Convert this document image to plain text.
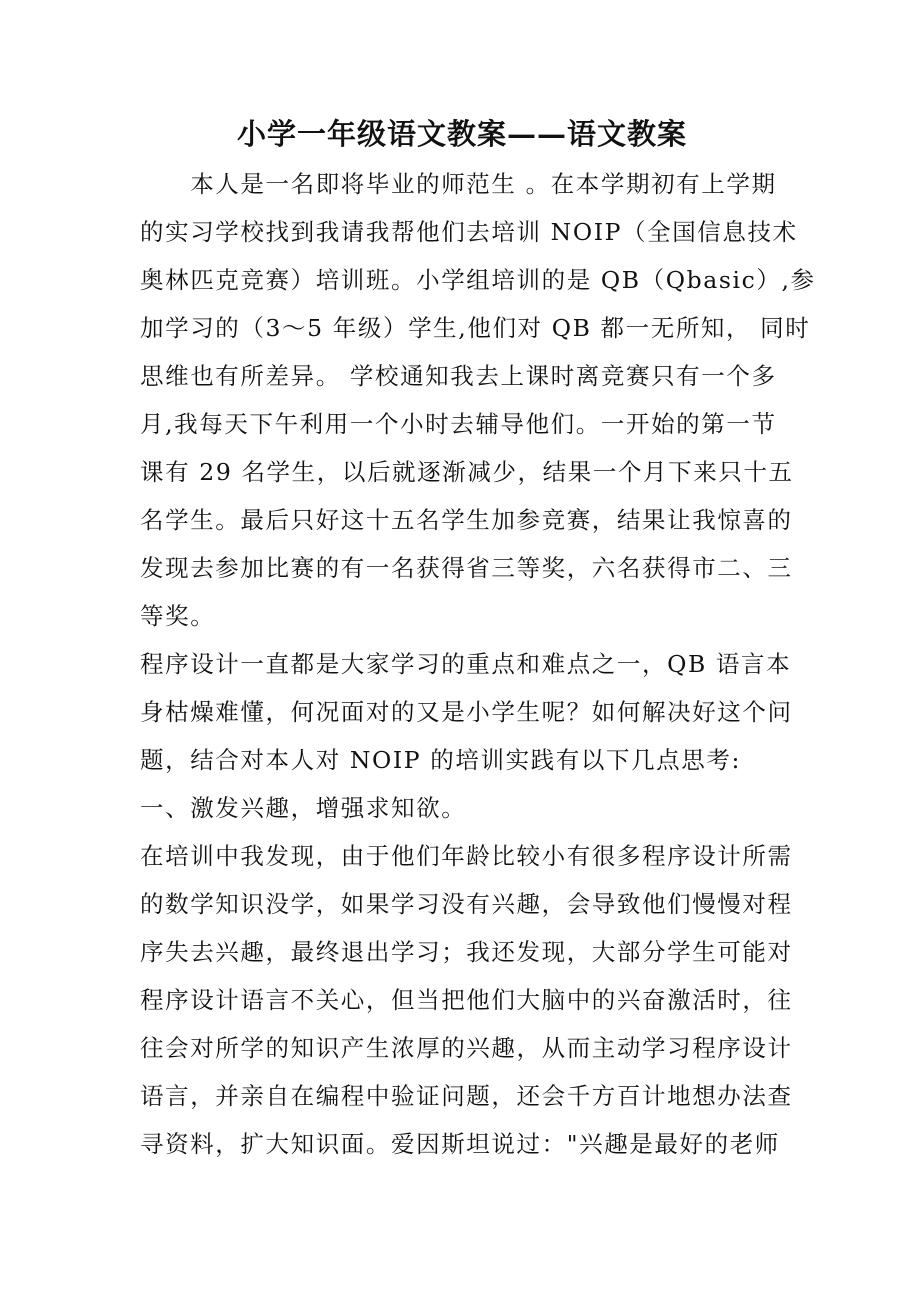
小学一年级语文教案——语文教案
　　本人是一名即将毕业的师范生 。在本学期初有上学期
的实习学校找到我请我帮他们去培训 NOIP（全国信息技术
奥林匹克竞赛）培训班。小学组培训的是 QB（Qbasic）,参
加学习的（3～5 年级）学生,他们对 QB 都一无所知， 同时
思维也有所差异。 学校通知我去上课时离竞赛只有一个多
月,我每天下午利用一个小时去辅导他们。一开始的第一节
课有 29 名学生，以后就逐渐减少，结果一个月下来只十五
名学生。最后只好这十五名学生加参竞赛，结果让我惊喜的
发现去参加比赛的有一名获得省三等奖，六名获得市二、三
等奖。
程序设计一直都是大家学习的重点和难点之一，QB 语言本
身枯燥难懂，何况面对的又是小学生呢？如何解决好这个问
题，结合对本人对 NOIP 的培训实践有以下几点思考:
一、激发兴趣，增强求知欲。
在培训中我发现，由于他们年龄比较小有很多程序设计所需
的数学知识没学，如果学习没有兴趣，会导致他们慢慢对程
序失去兴趣，最终退出学习；我还发现，大部分学生可能对
程序设计语言不关心，但当把他们大脑中的兴奋激活时，往
往会对所学的知识产生浓厚的兴趣，从而主动学习程序设计
语言，并亲自在编程中验证问题，还会千方百计地想办法查
寻资料，扩大知识面。爱因斯坦说过："兴趣是最好的老师
